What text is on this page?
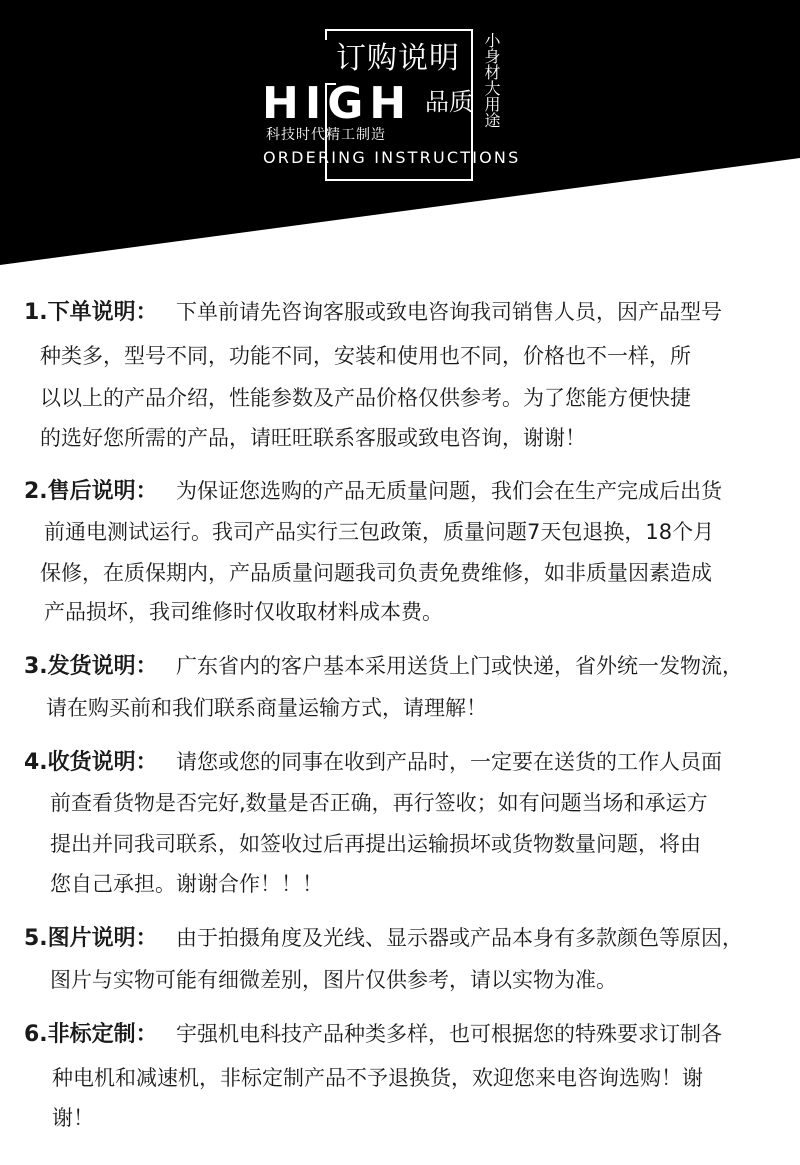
订购说明
HIGH 品质
科技时代精工制造
ORDERING INSTRUCTIONS
小身材大用途
1.下单说明： 下单前请先咨询客服或致电咨询我司销售人员，因产品型号
种类多，型号不同，功能不同，安装和使用也不同，价格也不一样，所
以以上的产品介绍，性能参数及产品价格仅供参考。为了您能方便快捷
的选好您所需的产品，请旺旺联系客服或致电咨询，谢谢！
2.售后说明： 为保证您选购的产品无质量问题，我们会在生产完成后出货
前通电测试运行。我司产品实行三包政策，质量问题7天包退换，18个月
保修，在质保期内，产品质量问题我司负责免费维修，如非质量因素造成
产品损坏，我司维修时仅收取材料成本费。
3.发货说明： 广东省内的客户基本采用送货上门或快递，省外统一发物流，
请在购买前和我们联系商量运输方式，请理解！
4.收货说明： 请您或您的同事在收到产品时，一定要在送货的工作人员面
前查看货物是否完好,数量是否正确，再行签收；如有问题当场和承运方
提出并同我司联系，如签收过后再提出运输损坏或货物数量问题，将由
您自己承担。谢谢合作！！！
5.图片说明： 由于拍摄角度及光线、显示器或产品本身有多款颜色等原因，
图片与实物可能有细微差别，图片仅供参考，请以实物为准。
6.非标定制： 宇强机电科技产品种类多样，也可根据您的特殊要求订制各
种电机和减速机，非标定制产品不予退换货，欢迎您来电咨询选购！谢
谢！
